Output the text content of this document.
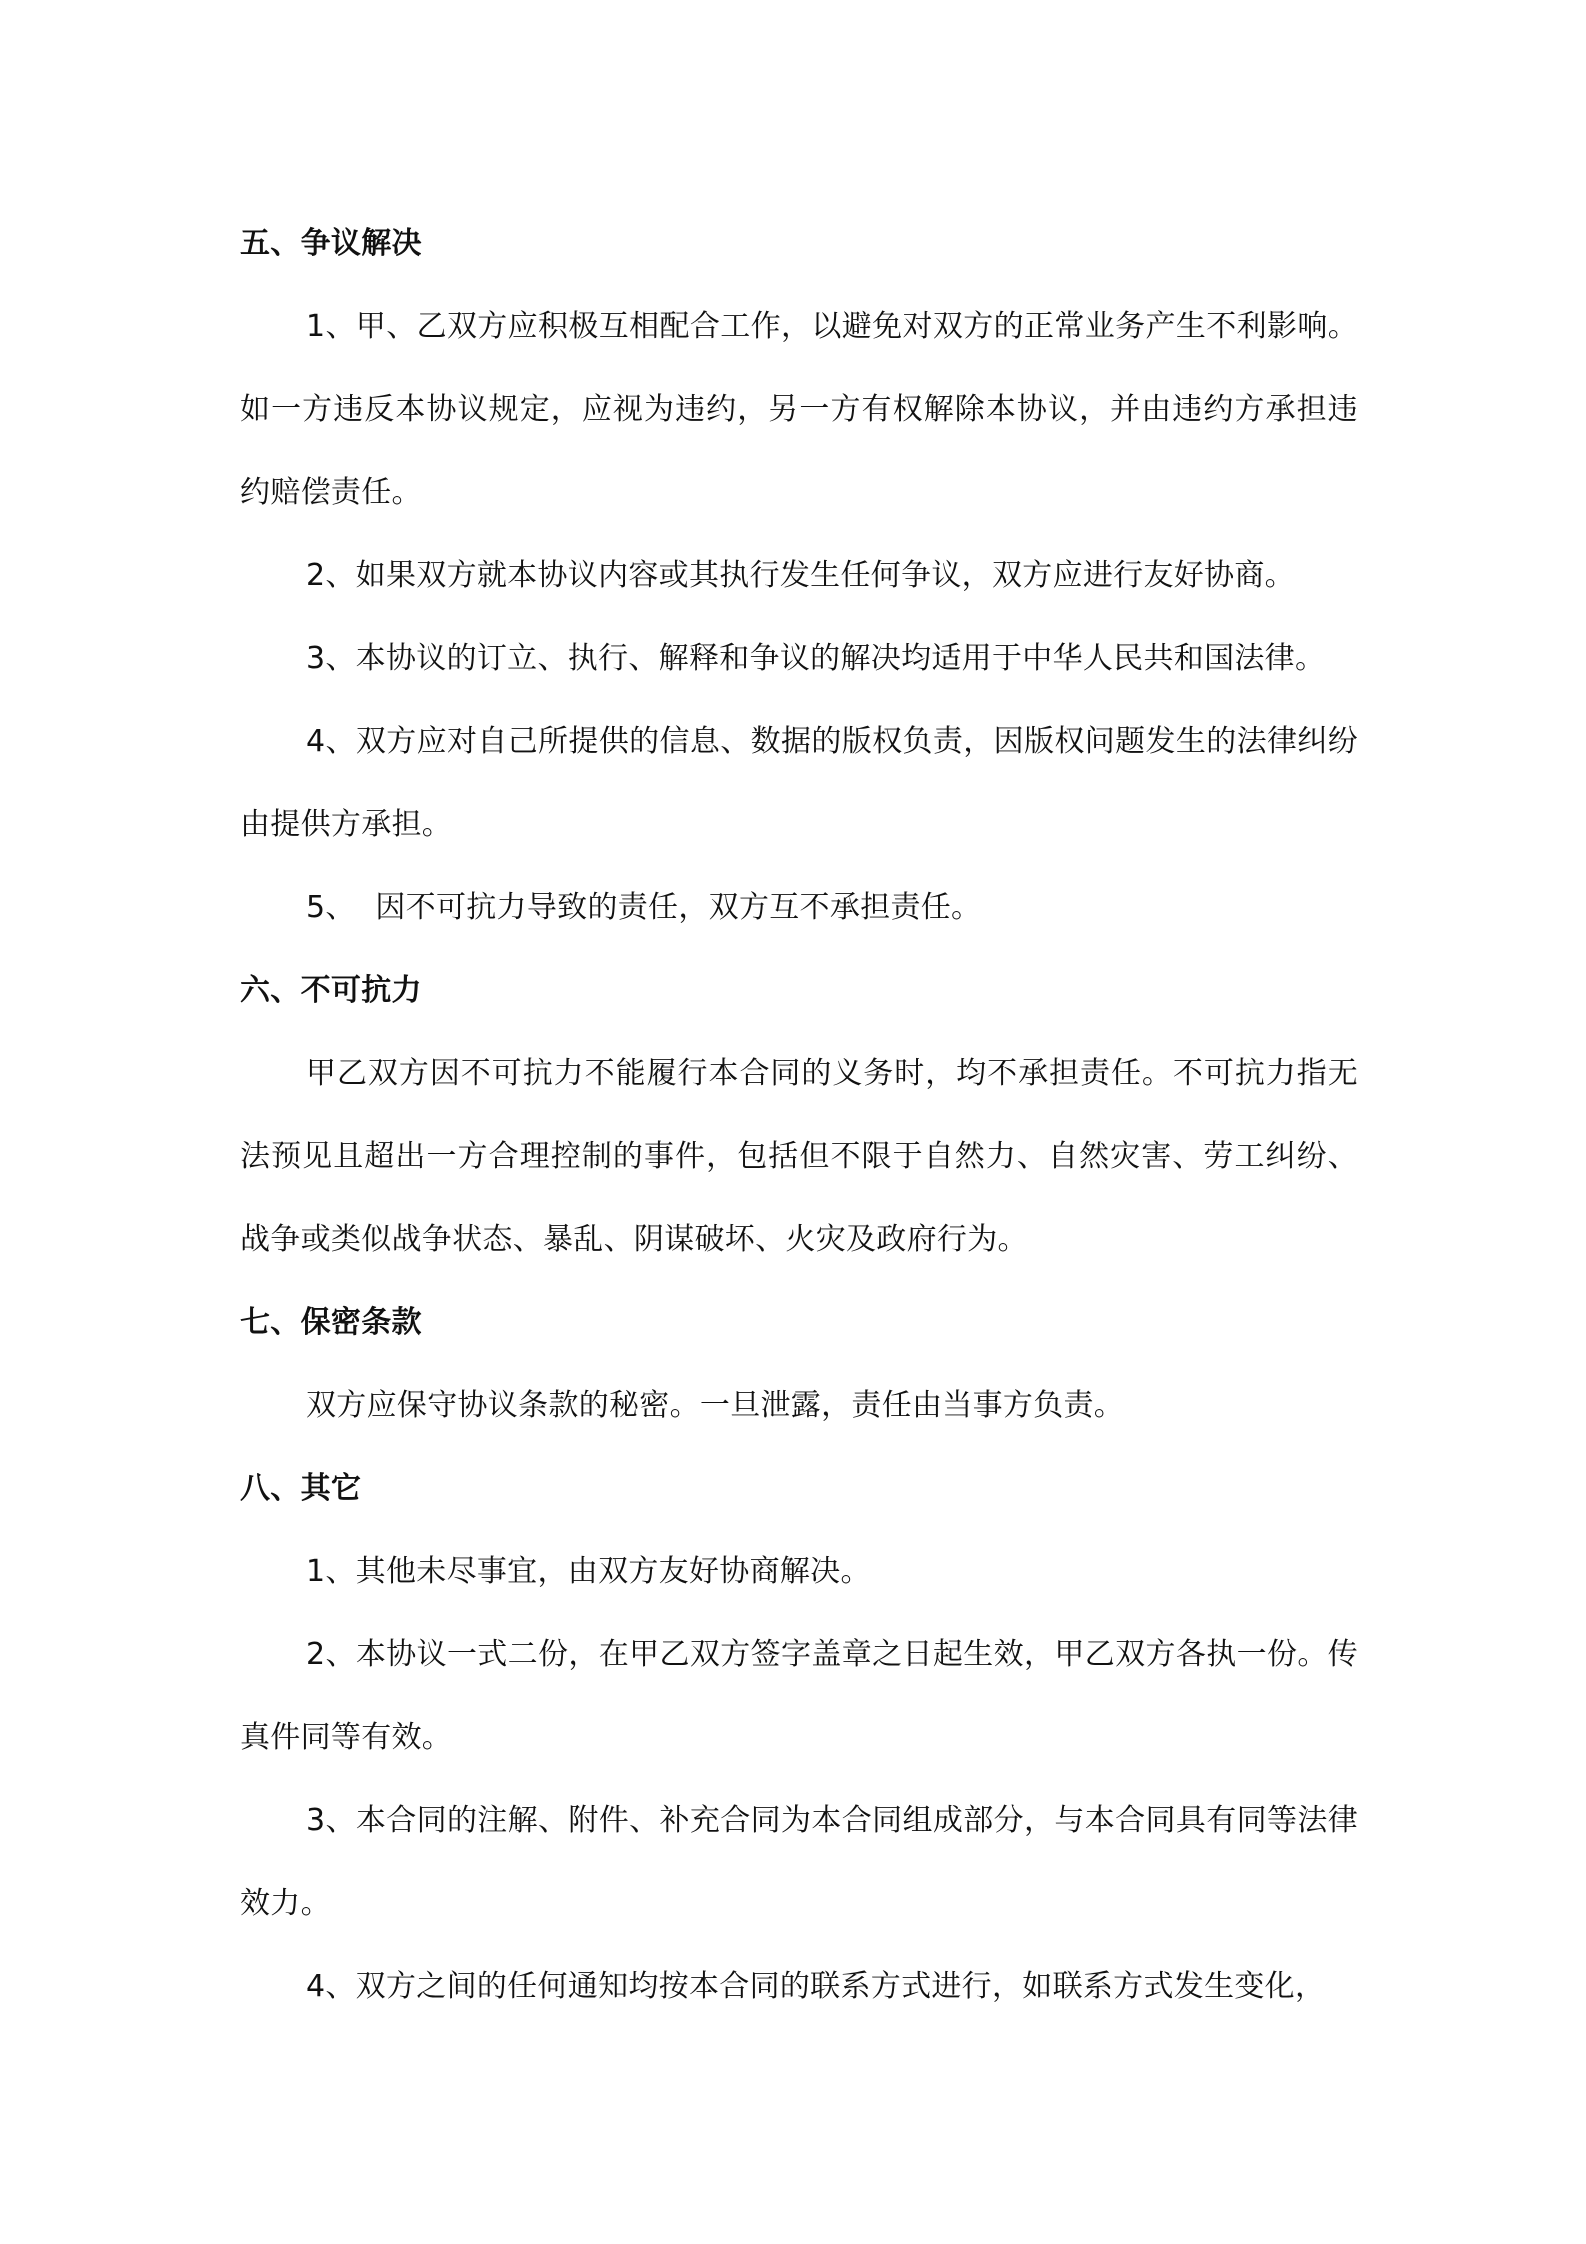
五、争议解决

1、甲、乙双方应积极互相配合工作，以避免对双方的正常业务产生不利影响。如一方违反本协议规定，应视为违约，另一方有权解除本协议，并由违约方承担违约赔偿责任。

2、如果双方就本协议内容或其执行发生任何争议，双方应进行友好协商。

3、本协议的订立、执行、解释和争议的解决均适用于中华人民共和国法律。

4、双方应对自己所提供的信息、数据的版权负责，因版权问题发生的法律纠纷由提供方承担。

5、  因不可抗力导致的责任，双方互不承担责任。

六、不可抗力

甲乙双方因不可抗力不能履行本合同的义务时，均不承担责任。不可抗力指无法预见且超出一方合理控制的事件，包括但不限于自然力、自然灾害、劳工纠纷、战争或类似战争状态、暴乱、阴谋破坏、火灾及政府行为。

七、保密条款

双方应保守协议条款的秘密。一旦泄露，责任由当事方负责。

八、其它

1、其他未尽事宜，由双方友好协商解决。

2、本协议一式二份，在甲乙双方签字盖章之日起生效，甲乙双方各执一份。传真件同等有效。

3、本合同的注解、附件、补充合同为本合同组成部分，与本合同具有同等法律效力。

4、双方之间的任何通知均按本合同的联系方式进行，如联系方式发生变化，
